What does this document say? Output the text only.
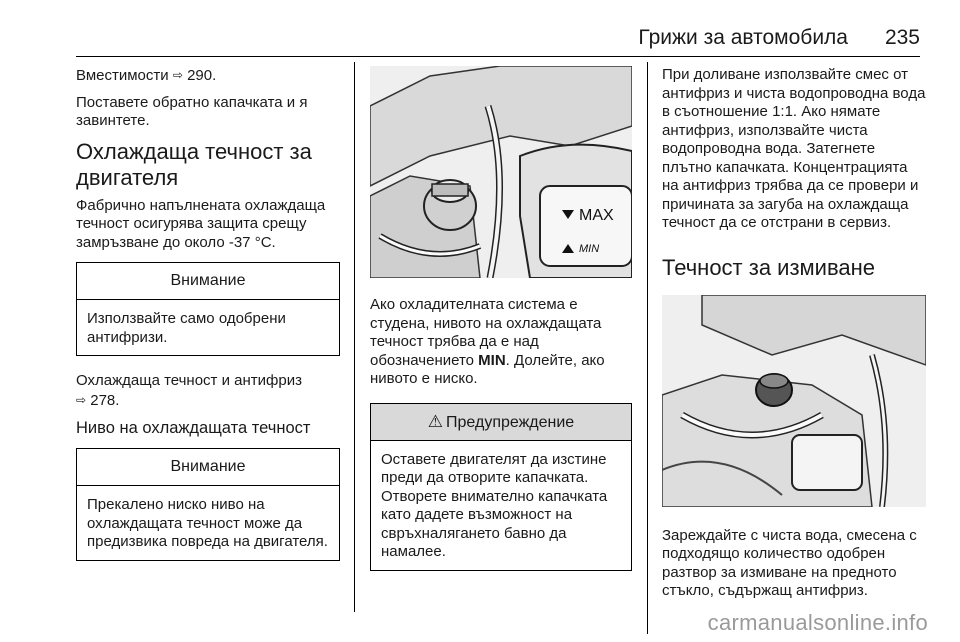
Грижи за автомобила 235

Вместимости ⇨ 290.

Поставете обратно капачката и я завинтете.

Охлаждаща течност за двигателя

Фабрично напълнената охлаждаща течност осигурява защита срещу замръзване до около -37 °C.

Внимание
Използвайте само одобрени антифризи.

Охлаждаща течност и антифриз
⇨ 278.

Ниво на охлаждащата течност
Внимание
Прекалено ниско ниво на охлаждащата течност може да предизвика повреда на двигателя.
MAX
MIN

Ако охладителната система е студена, нивото на охлаждащата течност трябва да е над обозначението MIN. Долейте, ако нивото е ниско.

⚠ Предупреждение
Оставете двигателят да изстине преди да отворите капачката. Отворете внимателно капачката като дадете възможност на свръхналягането бавно да намалее.

При доливане използвайте смес от антифриз и чиста водопроводна вода в съотношение 1:1. Ако нямате антифриз, използвайте чиста водопроводна вода. Затегнете плътно капачката. Концентрацията на антифриз трябва да се провери и причината за загуба на охлаждаща течност да се отстрани в сервиз.

Течност за измиване

Зареждайте с чиста вода, смесена с подходящо количество одобрен разтвор за измиване на предното стъкло, съдържащ антифриз.

carmanualsonline.info
